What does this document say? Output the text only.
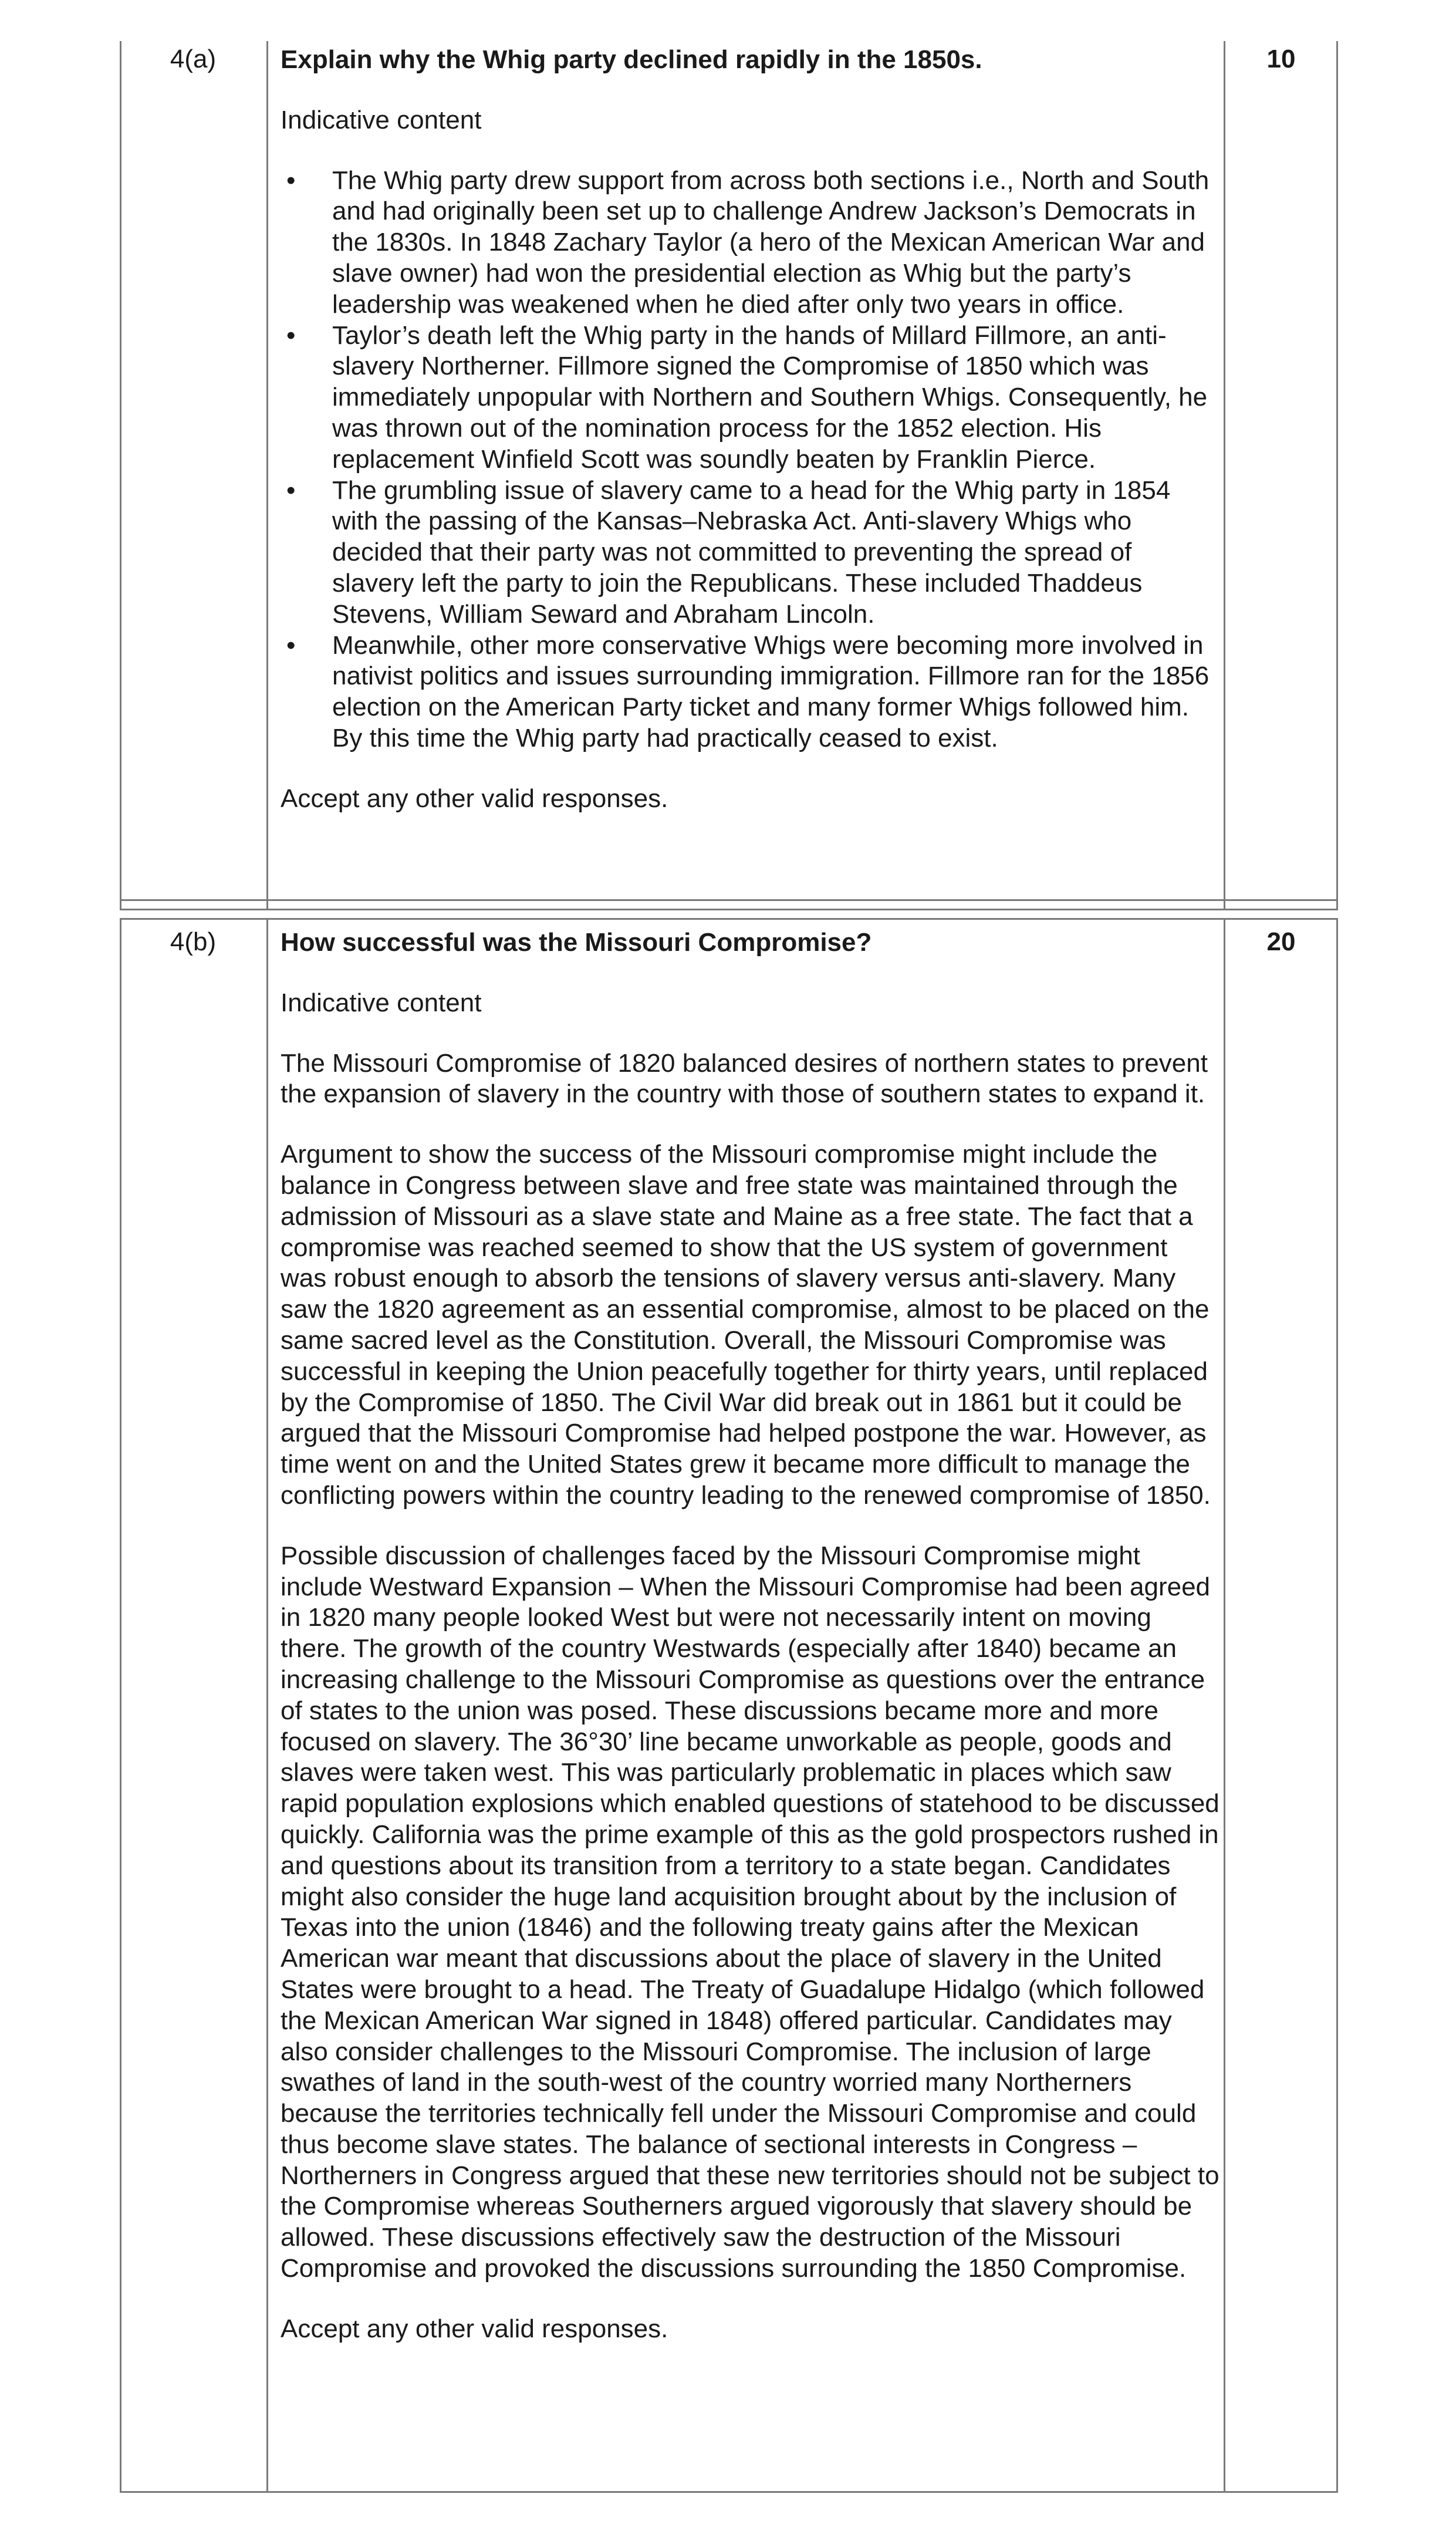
4(a)	10
Explain why the Whig party declined rapidly in the 1850s.
Indicative content
• The Whig party drew support from across both sections i.e., North and South and had originally been set up to challenge Andrew Jackson’s Democrats in the 1830s. In 1848 Zachary Taylor (a hero of the Mexican American War and slave owner) had won the presidential election as Whig but the party’s leadership was weakened when he died after only two years in office.
• Taylor’s death left the Whig party in the hands of Millard Fillmore, an anti-slavery Northerner. Fillmore signed the Compromise of 1850 which was immediately unpopular with Northern and Southern Whigs. Consequently, he was thrown out of the nomination process for the 1852 election. His replacement Winfield Scott was soundly beaten by Franklin Pierce.
• The grumbling issue of slavery came to a head for the Whig party in 1854 with the passing of the Kansas–Nebraska Act. Anti-slavery Whigs who decided that their party was not committed to preventing the spread of slavery left the party to join the Republicans. These included Thaddeus Stevens, William Seward and Abraham Lincoln.
• Meanwhile, other more conservative Whigs were becoming more involved in nativist politics and issues surrounding immigration. Fillmore ran for the 1856 election on the American Party ticket and many former Whigs followed him. By this time the Whig party had practically ceased to exist.
Accept any other valid responses.
4(b)	20
How successful was the Missouri Compromise?
Indicative content
The Missouri Compromise of 1820 balanced desires of northern states to prevent the expansion of slavery in the country with those of southern states to expand it.
Argument to show the success of the Missouri compromise might include the balance in Congress between slave and free state was maintained through the admission of Missouri as a slave state and Maine as a free state. The fact that a compromise was reached seemed to show that the US system of government was robust enough to absorb the tensions of slavery versus anti-slavery. Many saw the 1820 agreement as an essential compromise, almost to be placed on the same sacred level as the Constitution. Overall, the Missouri Compromise was successful in keeping the Union peacefully together for thirty years, until replaced by the Compromise of 1850. The Civil War did break out in 1861 but it could be argued that the Missouri Compromise had helped postpone the war. However, as time went on and the United States grew it became more difficult to manage the conflicting powers within the country leading to the renewed compromise of 1850.
Possible discussion of challenges faced by the Missouri Compromise might include Westward Expansion – When the Missouri Compromise had been agreed in 1820 many people looked West but were not necessarily intent on moving there. The growth of the country Westwards (especially after 1840) became an increasing challenge to the Missouri Compromise as questions over the entrance of states to the union was posed. These discussions became more and more focused on slavery. The 36°30’ line became unworkable as people, goods and slaves were taken west. This was particularly problematic in places which saw rapid population explosions which enabled questions of statehood to be discussed quickly. California was the prime example of this as the gold prospectors rushed in and questions about its transition from a territory to a state began. Candidates might also consider the huge land acquisition brought about by the inclusion of Texas into the union (1846) and the following treaty gains after the Mexican American war meant that discussions about the place of slavery in the United States were brought to a head. The Treaty of Guadalupe Hidalgo (which followed the Mexican American War signed in 1848) offered particular. Candidates may also consider challenges to the Missouri Compromise. The inclusion of large swathes of land in the south-west of the country worried many Northerners because the territories technically fell under the Missouri Compromise and could thus become slave states. The balance of sectional interests in Congress – Northerners in Congress argued that these new territories should not be subject to the Compromise whereas Southerners argued vigorously that slavery should be allowed. These discussions effectively saw the destruction of the Missouri Compromise and provoked the discussions surrounding the 1850 Compromise.
Accept any other valid responses.
